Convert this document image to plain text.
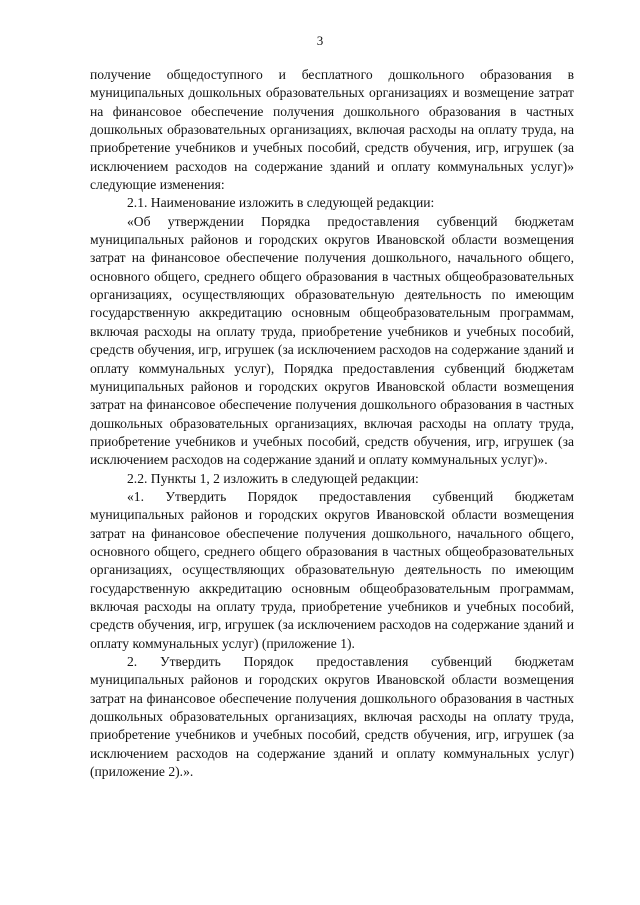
3

получение общедоступного и бесплатного дошкольного образования в муниципальных дошкольных образовательных организациях и возмещение затрат на финансовое обеспечение получения дошкольного образования в частных дошкольных образовательных организациях, включая расходы на оплату труда, на приобретение учебников и учебных пособий, средств обучения, игр, игрушек (за исключением расходов на содержание зданий и оплату коммунальных услуг)» следующие изменения:

2.1. Наименование изложить в следующей редакции:

«Об утверждении Порядка предоставления субвенций бюджетам муниципальных районов и городских округов Ивановской области возмещения затрат на финансовое обеспечение получения дошкольного, начального общего, основного общего, среднего общего образования в частных общеобразовательных организациях, осуществляющих образовательную деятельность по имеющим государственную аккредитацию основным общеобразовательным программам, включая расходы на оплату труда, приобретение учебников и учебных пособий, средств обучения, игр, игрушек (за исключением расходов на содержание зданий и оплату коммунальных услуг), Порядка предоставления субвенций бюджетам муниципальных районов и городских округов Ивановской области возмещения затрат на финансовое обеспечение получения дошкольного образования в частных дошкольных образовательных организациях, включая расходы на оплату труда, приобретение учебников и учебных пособий, средств обучения, игр, игрушек (за исключением расходов на содержание зданий и оплату коммунальных услуг)».

2.2. Пункты 1, 2 изложить в следующей редакции:

«1. Утвердить Порядок предоставления субвенций бюджетам муниципальных районов и городских округов Ивановской области возмещения затрат на финансовое обеспечение получения дошкольного, начального общего, основного общего, среднего общего образования в частных общеобразовательных организациях, осуществляющих образовательную деятельность по имеющим государственную аккредитацию основным общеобразовательным программам, включая расходы на оплату труда, приобретение учебников и учебных пособий, средств обучения, игр, игрушек (за исключением расходов на содержание зданий и оплату коммунальных услуг) (приложение 1).

2. Утвердить Порядок предоставления субвенций бюджетам муниципальных районов и городских округов Ивановской области возмещения затрат на финансовое обеспечение получения дошкольного образования в частных дошкольных образовательных организациях, включая расходы на оплату труда, приобретение учебников и учебных пособий, средств обучения, игр, игрушек (за исключением расходов на содержание зданий и оплату коммунальных услуг) (приложение 2).».
